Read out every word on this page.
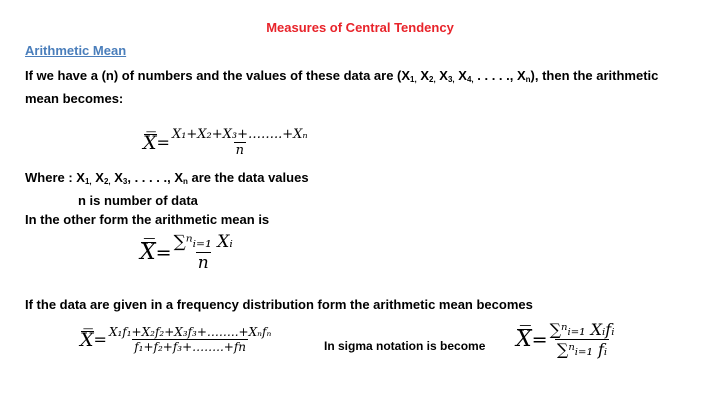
Measures of Central Tendency
Arithmetic Mean
If we have a (n) of numbers and the values of these data are ($X_{1,}$ $X_{2,}$ $X_{3,}$ $X_{4,}$ . . . . ., $X_n$), then the arithmetic
mean becomes:
X̅ = $\frac{\text{X₁+X₂+X₃+……..+Xₙ}}{n}$
Where : $X_{1,}$ $X_{2,}$ $X_3$, . . . . ., $X_n$ are the data values
n is number of data
In the other form the arithmetic mean is
X̅ = $\frac{\text{∑ⁿᵢ₌₁ Xᵢ}}{n}$
If the data are given in a frequency distribution form the arithmetic mean becomes
X̅ = $\frac{\text{X₁f₁+X₂f₂+X₃f₃+……..+Xₙfₙ}}{\text{f₁+f₂+f₃+……..+fn}}$	In sigma notation is become X̅ = $\frac{\text{∑ⁿᵢ₌₁ Xᵢfᵢ}}{\text{∑ⁿᵢ₌₁ fᵢ}}$
